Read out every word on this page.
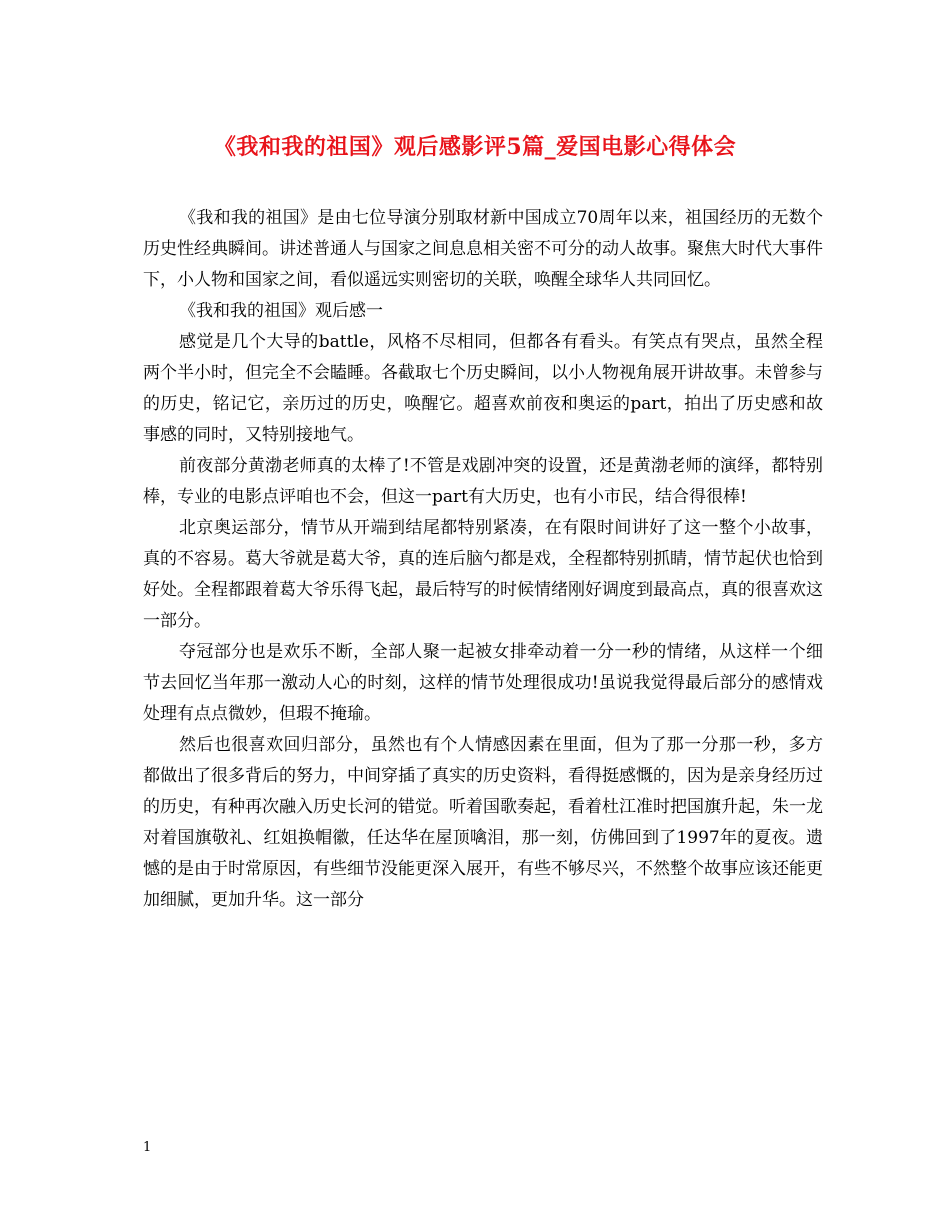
《我和我的祖国》观后感影评5篇_爱国电影心得体会

《我和我的祖国》是由七位导演分别取材新中国成立70周年以来，祖国经历的无数个历史性经典瞬间。讲述普通人与国家之间息息相关密不可分的动人故事。聚焦大时代大事件下，小人物和国家之间，看似遥远实则密切的关联，唤醒全球华人共同回忆。

《我和我的祖国》观后感一

感觉是几个大导的battle，风格不尽相同，但都各有看头。有笑点有哭点，虽然全程两个半小时，但完全不会瞌睡。各截取七个历史瞬间，以小人物视角展开讲故事。未曾参与的历史，铭记它，亲历过的历史，唤醒它。超喜欢前夜和奥运的part，拍出了历史感和故事感的同时，又特别接地气。

前夜部分黄渤老师真的太棒了!不管是戏剧冲突的设置，还是黄渤老师的演绎，都特别棒，专业的电影点评咱也不会，但这一part有大历史，也有小市民，结合得很棒!

北京奥运部分，情节从开端到结尾都特别紧凑，在有限时间讲好了这一整个小故事，真的不容易。葛大爷就是葛大爷，真的连后脑勺都是戏，全程都特别抓睛，情节起伏也恰到好处。全程都跟着葛大爷乐得飞起，最后特写的时候情绪刚好调度到最高点，真的很喜欢这一部分。

夺冠部分也是欢乐不断，全部人聚一起被女排牵动着一分一秒的情绪，从这样一个细节去回忆当年那一激动人心的时刻，这样的情节处理很成功!虽说我觉得最后部分的感情戏处理有点点微妙，但瑕不掩瑜。

然后也很喜欢回归部分，虽然也有个人情感因素在里面，但为了那一分那一秒，多方都做出了很多背后的努力，中间穿插了真实的历史资料，看得挺感慨的，因为是亲身经历过的历史，有种再次融入历史长河的错觉。听着国歌奏起，看着杜江准时把国旗升起，朱一龙对着国旗敬礼、红姐换帽徽，任达华在屋顶噙泪，那一刻，仿佛回到了1997年的夏夜。遗憾的是由于时常原因，有些细节没能更深入展开，有些不够尽兴，不然整个故事应该还能更加细腻，更加升华。这一部分

1
